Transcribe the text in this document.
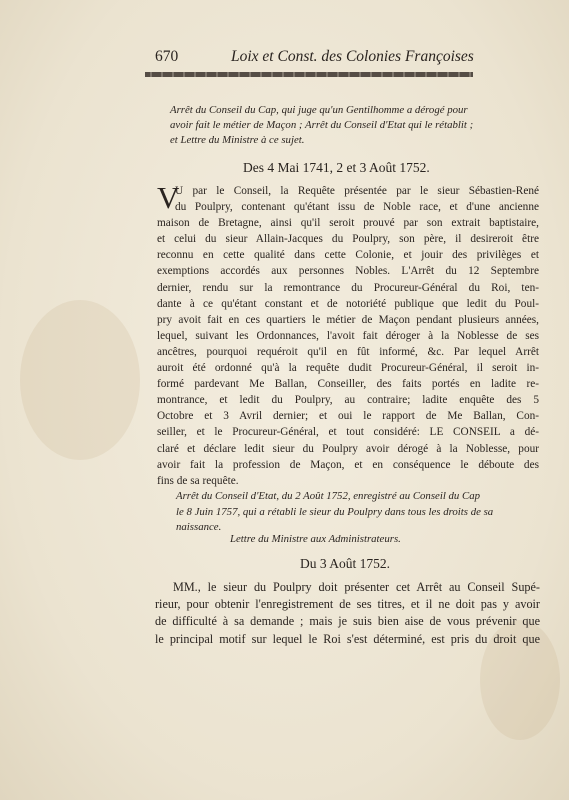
670	Loix et Const. des Colonies Françoises
Arrêt du Conseil du Cap, qui juge qu'un Gentilhomme a dérogé pour
avoir fait le métier de Maçon ; Arrêt du Conseil d'Etat qui le rétablit ;
et Lettre du Ministre à ce sujet.
Des 4 Mai 1741, 2 et 3 Août 1752.
V
U par le Conseil, la Requête présentée par le sieur Sébastien-René
du Poulpry, contenant qu'étant issu de Noble race, et d'une ancienne
maison de Bretagne, ainsi qu'il seroit prouvé par son extrait baptistaire,
et celui du sieur Allain-Jacques du Poulpry, son père, il desireroit être
reconnu en cette qualité dans cette Colonie, et jouir des privilèges et
exemptions accordés aux personnes Nobles. L'Arrêt du 12 Septembre
dernier, rendu sur la remontrance du Procureur-Général du Roi, ten-
dante à ce qu'étant constant et de notoriété publique que ledit du Poul-
pry avoit fait en ces quartiers le métier de Maçon pendant plusieurs années,
lequel, suivant les Ordonnances, l'avoit fait déroger à la Noblesse de ses
ancêtres, pourquoi requéroit qu'il en fût informé, &c. Par lequel Arrêt
auroit été ordonné qu'à la requête dudit Procureur-Général, il seroit in-
formé pardevant Me Ballan, Conseiller, des faits portés en ladite re-
montrance, et ledit du Poulpry, au contraire; ladite enquête des 5
Octobre et 3 Avril dernier; et oui le rapport de Me Ballan, Con-
seiller, et le Procureur-Général, et tout considéré: LE CONSEIL a dé-
claré et déclare ledit sieur du Poulpry avoir dérogé à la Noblesse, pour
avoir fait la profession de Maçon, et en conséquence le déboute des
fins de sa requête.
Arrêt du Conseil d'Etat, du 2 Août 1752, enregistré au Conseil du Cap
le 8 Juin 1757, qui a rétabli le sieur du Poulpry dans tous les droits de sa
naissance.
Lettre du Ministre aux Administrateurs.
Du 3 Août 1752.
MM., le sieur du Poulpry doit présenter cet Arrêt au Conseil Supé-
rieur, pour obtenir l'enregistrement de ses titres, et il ne doit pas y avoir
de difficulté à sa demande ; mais je suis bien aise de vous prévenir que
le principal motif sur lequel le Roi s'est déterminé, est pris du droit que
